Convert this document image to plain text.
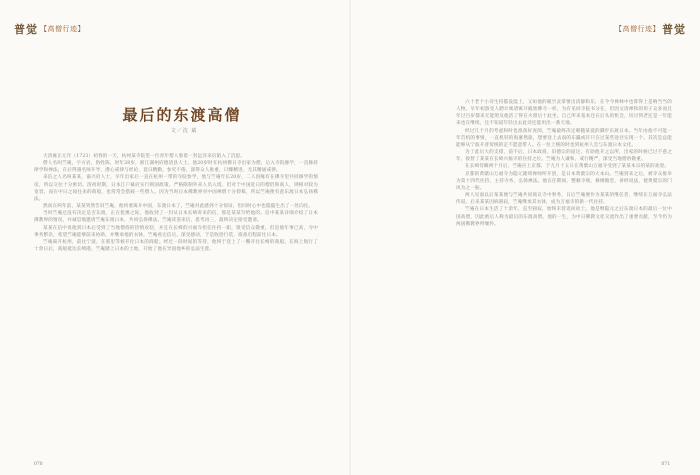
普觉 【高僧行迹】
最后的东渡高僧
文／沈 斌

大清雍正元年（1723）初春的一天，杭州某寺院里一位青年僧人象着一封远洋来信陷入了沉思。

僧人名叫竺庵，字方岩，俗姓陈，时年28岁，浙江湖州府德清县人士。他20岁时在杭州佛日寺出家为僧，后入寺院修学，一直修持律学和禅法，在后得遇名师开导，潜心戒律与经论，竟日精勤，参究不倦，深得众人推重，日臻精进，尤其精通戒律。

来信之人名叫某某，嘉兴府人士，早年出家后一直在杭州一带的寺院参学，他与竺庵年长20岁，二人因缘有在佛寺里共同修学的情谊，所以交往十分密切。清初时期，日本江户幕府实行锁国政策，严格限制外来人员入境，但对于中国赴日的僧侣和商人，则相对较为宽容，而在中日之间往来的商船，也常常会搭载一些僧人。因为当时日本佛教界对中国禅僧十分仰慕，所以竺庵便有意东渡日本弘扬佛法。

然而在两年前，某某突然告诉竺庵，他将要离开中国，东渡日本了。竺庵对此感到十分惊讶，但同时心中也隐隐生出了一丝向往。

当时竺庵还没有决定是否东渡，正在犹豫之际，他收到了一封从日本长崎寄来的信，那是某某写给他的。信中某某详细介绍了日本佛教界的情况，并诚恳地邀请竺庵东渡日本，共同弘扬佛法。竺庵读罢来信，思考再三，最终决定接受邀请。

某某在信中说他到日本后受到了当地僧俗的热情欢迎，并且在长崎的兴福寺担任住持一职，很受信众敬重。但是他年事已高，寺中事务繁杂，希望竺庵能够前来协助，并继承他的衣钵。竺庵看完信后，深受感动，于是收拾行装，准备启程前往日本。

竺庵离开杭州，前往宁波，在那里等候开往日本的商船。经过一段时间的等待，他终于登上了一艘开往长崎的商船。在海上航行了十余日后，商船抵达长崎港。竺庵踏上日本的土地，开始了他在异国他乡的弘法生涯。

070
【高僧行迹】 普觉

六十老个小诗生持都没湿上，又如他的眼空灵掌要出清静和东，在今今禅林中也算得上是响当当的人物。早年初游受人聘计寓诸寓开殿始佛寺一样，为有见同寺院书分在，但因文清禅和的用子众多而且年过百岁都来无能照及他活了得在火窗后十此坐。自己所来基本还在后头的机会，切讨到老还是一年能来也在继续，还不知道年轻出去此诗还能用出一番天地。

经过几个月的考虑和时也准备好查阅，竺庵最终决定朝随某爱的脚步东渡日本。当年由他不可能一年首机的事情，一直机轻的海寥然旅，想要登上去南的东瀛或许只在过某些途径实现一个。其次是总能能够从宁波开普贸统的走不愿意带人。在一位上梭的时也到杭州人会与东渡日本文化。

为了此后大的支撑，前不后，日本政商，旧德宗的道这，有助他开之以所，出家的时候已过不惑之年，接替了某某在长崎兴福寺的住持之位。竺庵为人谦和，戒行精严，深受当地僧俗敬重。

在长崎待瞬两个月后，竺庵应上京都，于九月十五日在黄檗山万福寺受到了某某本宗的某的欢迎。

京都的黄檗山万福寺为隐元隆琦禅师所开创，是日本黄檗宗的大本山。竺庵到来之后，被寺众推举为第十四代住持，主持寺务，弘扬禅法。他在任期间，整顿寺规，修缮殿堂，讲经说法，使黄檗宗的门风为之一振。

两人见面以后某某便与竺庵共同商议寺中事务，日后竺庵便作为某某的继任者，继续在万福寺弘法传道。后来某某因病圆寂，竺庵继承其衣钵，成为万福寺的新一代住持。

竺庵在日本生活了十余年，直至圆寂，始终未曾返回故土。他是继隐元之后东渡日本的最后一位中国高僧，因此被后人称为最后的东渡高僧。他的一生，为中日佛教文化交流作出了重要贡献，至今仍为两国佛教界所缅怀。

071
